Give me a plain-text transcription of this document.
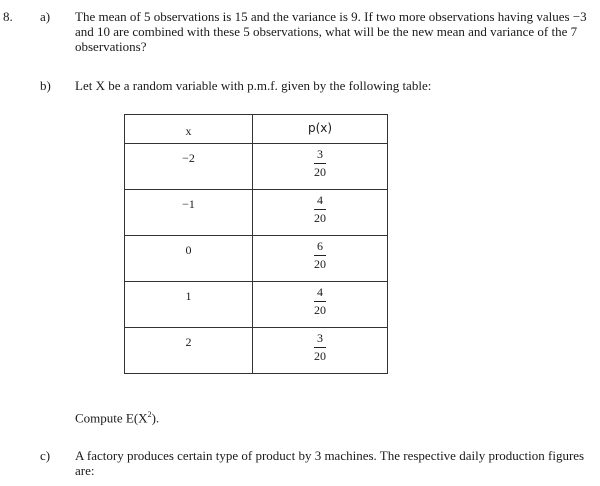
8. a) The mean of 5 observations is 15 and the variance is 9. If two more observations having values −3 and 10 are combined with these 5 observations, what will be the new mean and variance of the 7 observations?
b) Let X be a random variable with p.m.f. given by the following table:
x	p(x)
−2	$\frac{3}{20}$

−1	$\frac{4}{20}$

0	$\frac{6}{20}$

1	$\frac{4}{20}$

2	$\frac{3}{20}$
Compute $E(X^2)$.
c) A factory produces certain type of product by 3 machines. The respective daily production figures are:
